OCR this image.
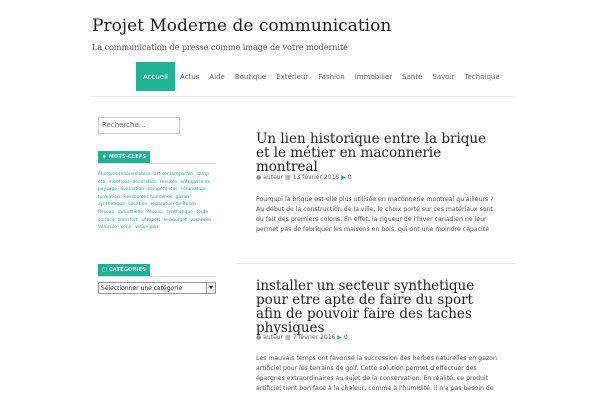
Projet Moderne de communication
La communication de presse comme image de votre modernité
Accueil	Actus	Aide	Boutique	Extérieur	Fashion	Immobilier	Santé	Savoir	Technique
Recherche...
♦ MOTS-CLEFS
énergies renouvelables art contemporain camp ete montreal décoration meuble entreprise de paysage évaluation compétences rénovation formation Ressources humaines gazon synthetique Location réparation de Bosch Reseau industrielle Réseau synthetique toute surface transfert aéroport le bourget vacances Véhicule Venir vision pilu
□ CATÉGORIES
Sélectionner une catégorie	▼
Un lien historique entre la brique et le métier en maconnerie montreal
● auteur ▦ 13 février 2016 ▶ 0
Pourquoi la brique est-elle plus utilisée en maconnerie montreal qu'ailleurs ? Au début de la construction de la ville, le choix porté sur ces matériaux sont du fait des premiers colons. En effet, la rigueur de l'hiver canadien ne leur permet pas de fabriquer les maisons en bois, qui ont une moindre capacité
installer un secteur synthetique pour etre apte de faire du sport afin de pouvoir faire des taches physiques
● auteur ▦ 7 février 2016 ▶ 0
Les mauvais temps ont favorisé la succession des herbes naturelles en gazon artificiel pour les terrains de golf. Cette solution permet d'effectuer des épargnes extraordinaires au sujet de la conservation. En réalité, ce produit artificiel tient bon face à la chaleur, comme à l'humidité, il n'a pas besoin de
